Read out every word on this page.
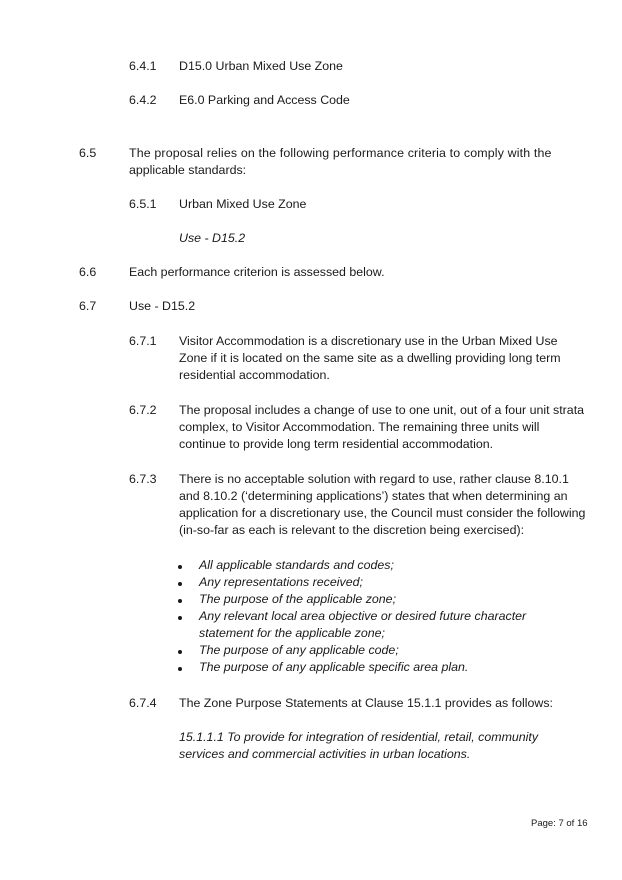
6.4.1 D15.0 Urban Mixed Use Zone
6.4.2 E6.0 Parking and Access Code
6.5	The proposal relies on the following performance criteria to comply with the
applicable standards:
6.5.1 Urban Mixed Use Zone
Use - D15.2
6.6	Each performance criterion is assessed below.
6.7	Use - D15.2
6.7.1 Visitor Accommodation is a discretionary use in the Urban Mixed Use
Zone if it is located on the same site as a dwelling providing long term
residential accommodation.
6.7.2 The proposal includes a change of use to one unit, out of a four unit strata
complex, to Visitor Accommodation. The remaining three units will
continue to provide long term residential accommodation.
6.7.3 There is no acceptable solution with regard to use, rather clause 8.10.1
and 8.10.2 (‘determining applications’) states that when determining an
application for a discretionary use, the Council must consider the following
(in-so-far as each is relevant to the discretion being exercised):
All applicable standards and codes;
Any representations received;
The purpose of the applicable zone;
Any relevant local area objective or desired future character
statement for the applicable zone;
The purpose of any applicable code;
The purpose of any applicable specific area plan.
6.7.4 The Zone Purpose Statements at Clause 15.1.1 provides as follows:
15.1.1.1 To provide for integration of residential, retail, community
services and commercial activities in urban locations.
Page: 7 of 16
